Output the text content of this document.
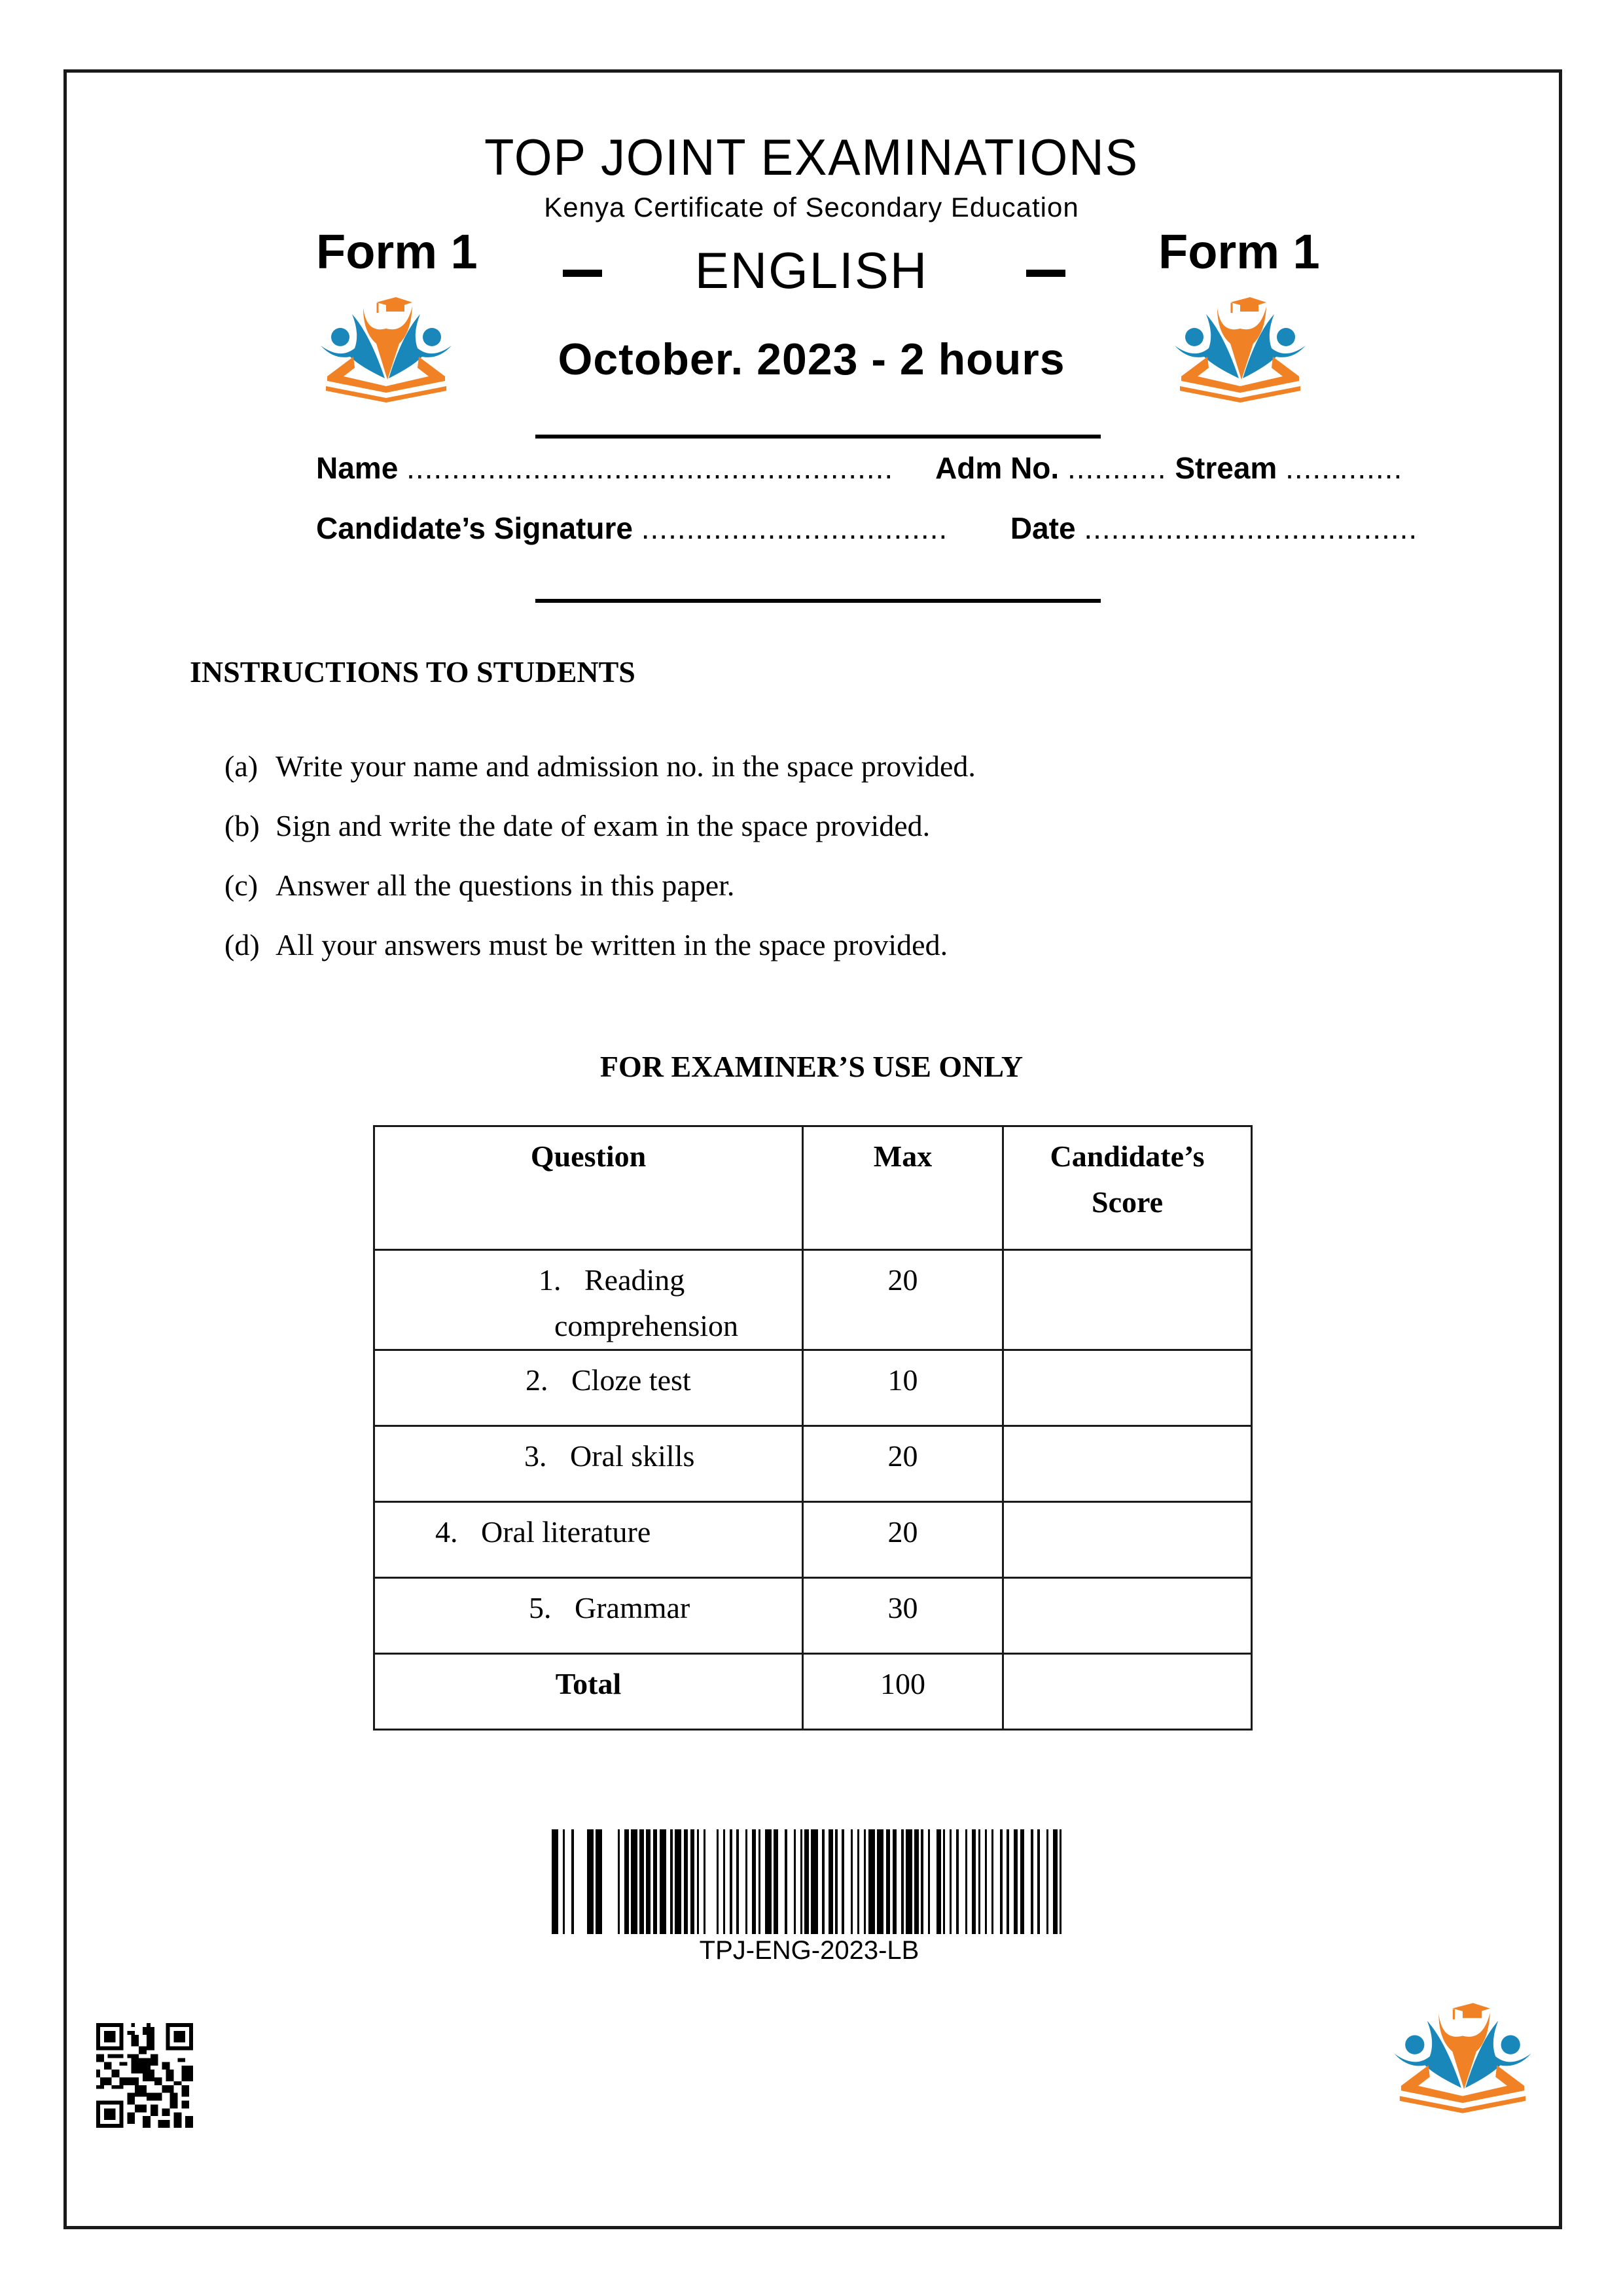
TOP JOINT EXAMINATIONS
Kenya Certificate of Secondary Education
Form 1	Form 1
ENGLISH
October. 2023 - 2 hours
Name ...................................................... Adm No. ........... Stream .............
Candidate’s Signature .................................. Date .....................................
INSTRUCTIONS TO STUDENTS
(a) Write your name and admission no. in the space provided.
(b) Sign and write the date of exam in the space provided.
(c) Answer all the questions in this paper.
(d) All your answers must be written in the space provided.
FOR EXAMINER’S USE ONLY
Question	Max	Candidate’s Score
1. Reading
comprehension	20	
2. Cloze test	10	
3. Oral skills	20	
4. Oral literature	20	
5. Grammar	30	
Total	100	
TPJ-ENG-2023-LB
